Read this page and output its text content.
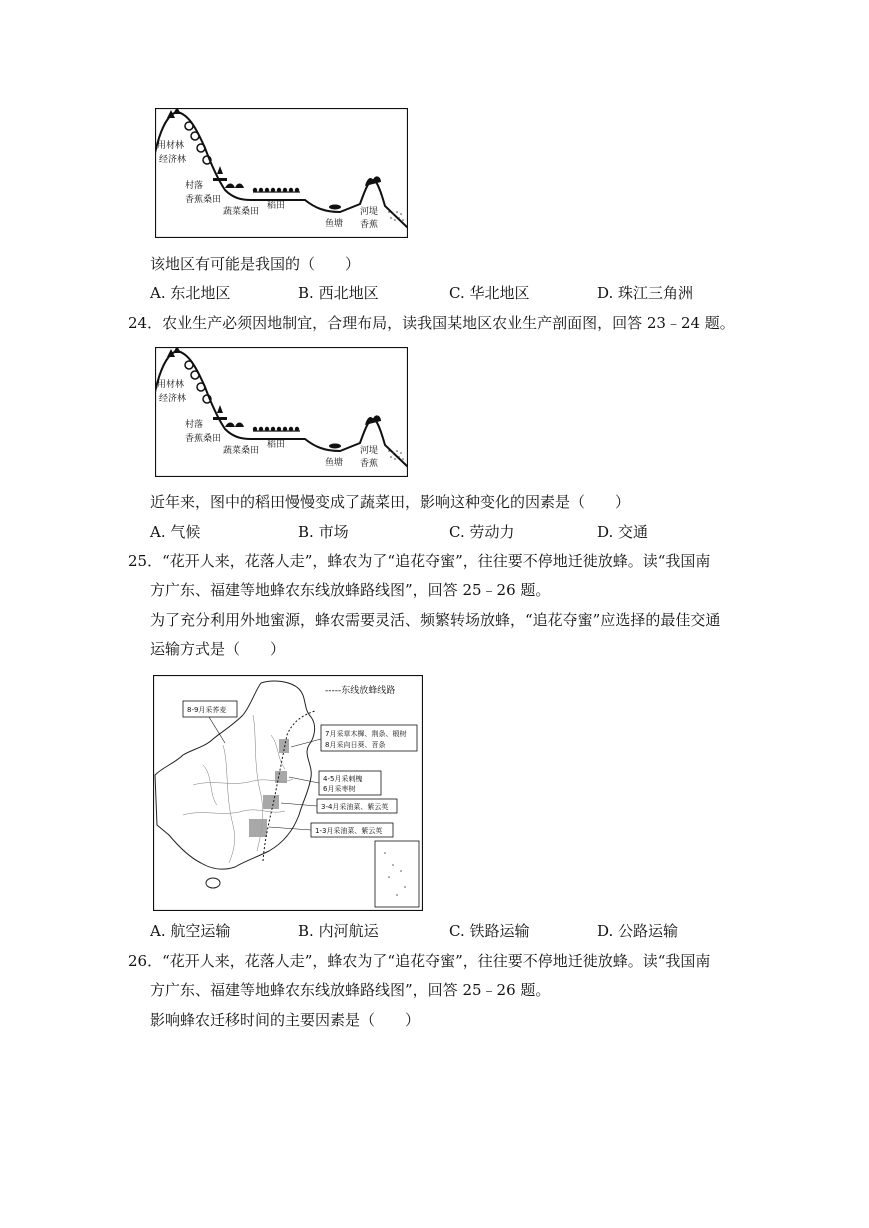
用材林
经济林
村落
香蕉桑田
蔬菜桑田
稻田
鱼塘
河堤
香蕉
该地区有可能是我国的（　　）
A. 东北地区	B. 西北地区	C. 华北地区	D. 珠江三角洲
24．农业生产必须因地制宜，合理布局，读我国某地区农业生产剖面图，回答 23﹣24 题。
用材林
经济林
村落
香蕉桑田
蔬菜桑田
稻田
鱼塘
河堤
香蕉
近年来，图中的稻田慢慢变成了蔬菜田，影响这种变化的因素是（　　）
A. 气候	B. 市场	C. 劳动力	D. 交通
25．“花开人来，花落人走”，蜂农为了“追花夺蜜”，往往要不停地迁徙放蜂。读“我国南
方广东、福建等地蜂农东线放蜂路线图”，回答 25﹣26 题。
为了充分利用外地蜜源，蜂农需要灵活、频繁转场放蜂，“追花夺蜜”应选择的最佳交通
运输方式是（　　）
-----东线放蜂线路
8-9月采荞麦
7月采草木樨、荆条、椴树
8月采向日葵、苕条
4-5月采刺槐
6月采枣树
3-4月采油菜、紫云英
1-3月采油菜、紫云英
A. 航空运输	B. 内河航运	C. 铁路运输	D. 公路运输
26．“花开人来，花落人走”，蜂农为了“追花夺蜜”，往往要不停地迁徙放蜂。读“我国南
方广东、福建等地蜂农东线放蜂路线图”，回答 25﹣26 题。
影响蜂农迁移时间的主要因素是（　　）
